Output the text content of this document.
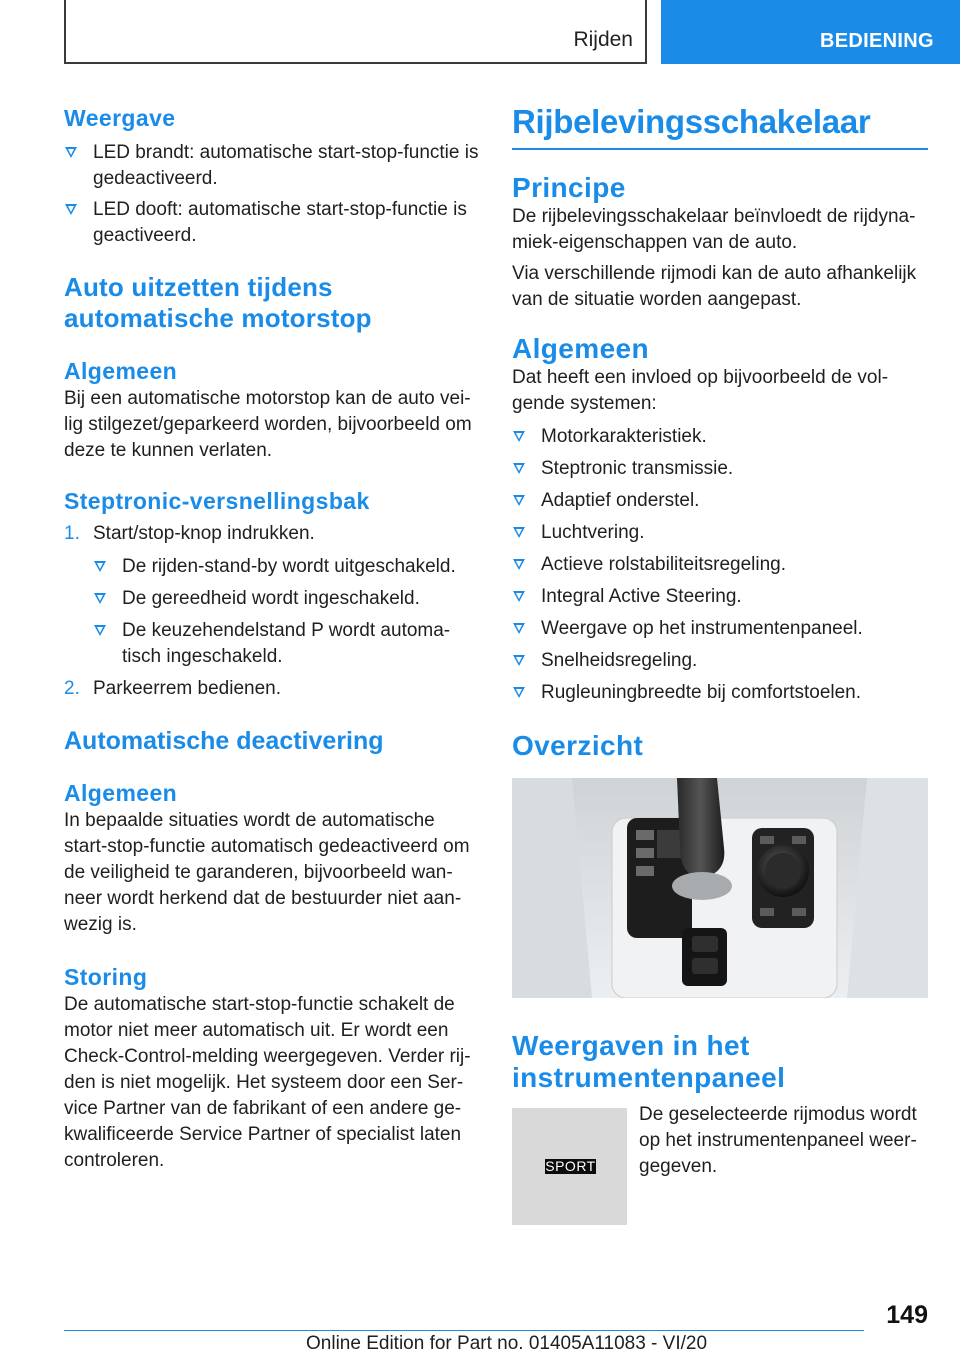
Rijden	BEDIENING
Weergave
LED brandt: automatische start-stop-functie is gedeactiveerd.
LED dooft: automatische start-stop-functie is geactiveerd.
Auto uitzetten tijdens automatische motorstop
Algemeen

Bij een automatische motorstop kan de auto vei-lig stilgezet/geparkeerd worden, bijvoorbeeld om deze te kunnen verlaten.

Steptronic-versnellingsbak
1. Start/stop-knop indrukken.
De rijden-stand-by wordt uitgeschakeld.
De gereedheid wordt ingeschakeld.
De keuzehendelstand P wordt automa-tisch ingeschakeld.
2. Parkeerrem bedienen.
Automatische deactivering
Algemeen

In bepaalde situaties wordt de automatische start-stop-functie automatisch gedeactiveerd om de veiligheid te garanderen, bijvoorbeeld wan-neer wordt herkend dat de bestuurder niet aan-wezig is.

Storing

De automatische start-stop-functie schakelt de motor niet meer automatisch uit. Er wordt een Check-Control-melding weergegeven. Verder rij-den is niet mogelijk. Het systeem door een Ser-vice Partner van de fabrikant of een andere ge-kwalificeerde Service Partner of specialist laten controleren.

Rijbelevingsschakelaar
Principe

De rijbelevingsschakelaar beïnvloedt de rijdyna-miek-eigenschappen van de auto.

Via verschillende rijmodi kan de auto afhankelijk van de situatie worden aangepast.

Algemeen

Dat heeft een invloed op bijvoorbeeld de vol-gende systemen:

Motorkarakteristiek.
Steptronic transmissie.
Adaptief onderstel.
Luchtvering.
Actieve rolstabiliteitsregeling.
Integral Active Steering.
Weergave op het instrumentenpaneel.
Snelheidsregeling.
Rugleuningbreedte bij comfortstoelen.
Overzicht
Weergaven in het instrumentenpaneel
SPORT

De geselecteerde rijmodus wordt op het instrumentenpaneel weer-gegeven.

149
Online Edition for Part no. 01405A11083 - VI/20
